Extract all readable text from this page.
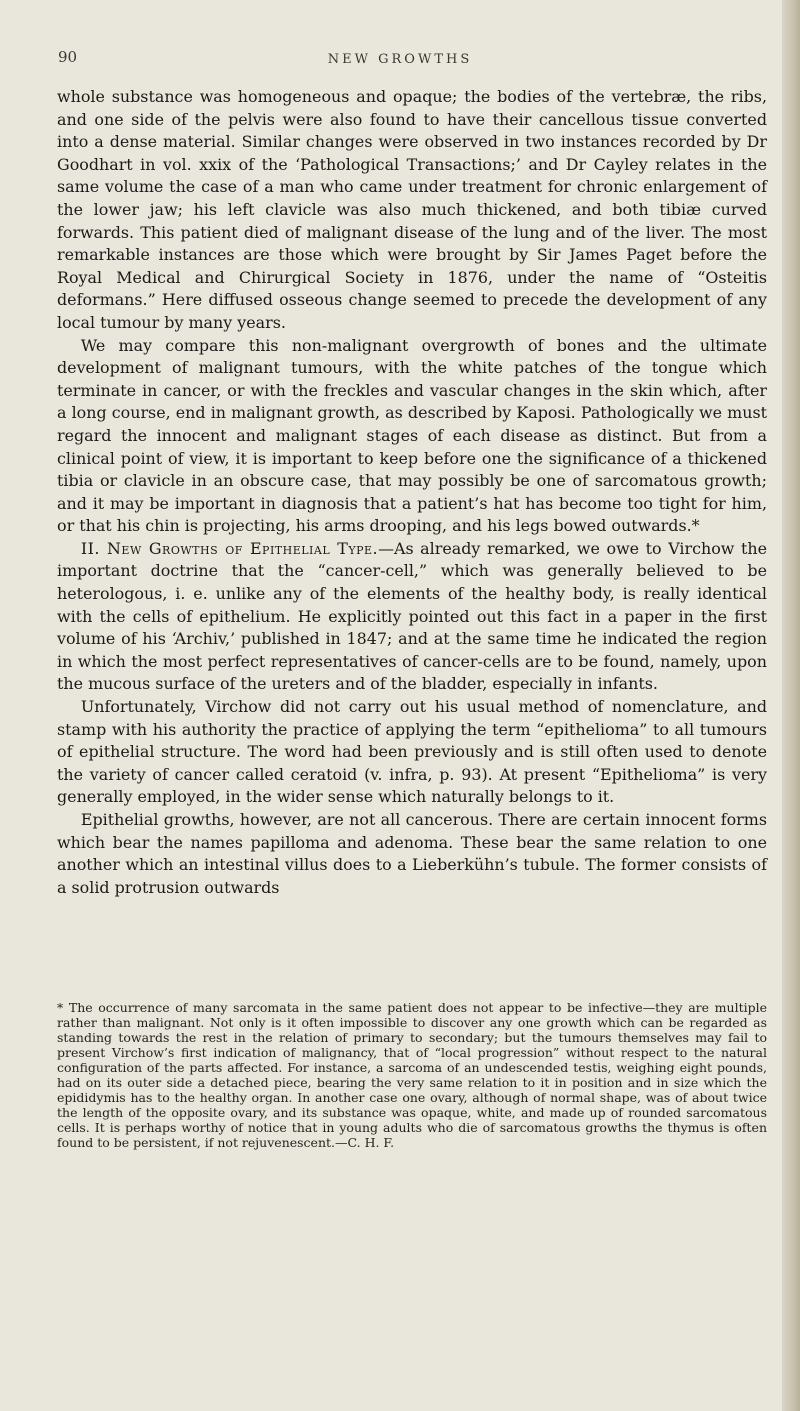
90	NEW GROWTHS

whole substance was homogeneous and opaque; the bodies of the vertebræ, the ribs, and one side of the pelvis were also found to have their cancellous tissue converted into a dense material. Similar changes were observed in two instances recorded by Dr Goodhart in vol. xxix of the ‘Pathological Transactions;’ and Dr Cayley relates in the same volume the case of a man who came under treatment for chronic enlargement of the lower jaw; his left clavicle was also much thickened, and both tibiæ curved forwards. This patient died of malignant disease of the lung and of the liver. The most remarkable instances are those which were brought by Sir James Paget before the Royal Medical and Chirurgical Society in 1876, under the name of “Osteitis deformans.” Here diffused osseous change seemed to precede the development of any local tumour by many years.

We may compare this non-malignant overgrowth of bones and the ultimate development of malignant tumours, with the white patches of the tongue which terminate in cancer, or with the freckles and vascular changes in the skin which, after a long course, end in malignant growth, as described by Kaposi. Pathologically we must regard the innocent and malignant stages of each disease as distinct. But from a clinical point of view, it is important to keep before one the significance of a thickened tibia or clavicle in an obscure case, that may possibly be one of sarcomatous growth; and it may be important in diagnosis that a patient’s hat has become too tight for him, or that his chin is projecting, his arms drooping, and his legs bowed outwards.*

II. New Growths of Epithelial Type.—As already remarked, we owe to Virchow the important doctrine that the “cancer-cell,” which was generally believed to be heterologous, i. e. unlike any of the elements of the healthy body, is really identical with the cells of epithelium. He explicitly pointed out this fact in a paper in the first volume of his ‘Archiv,’ published in 1847; and at the same time he indicated the region in which the most perfect representatives of cancer-cells are to be found, namely, upon the mucous surface of the ureters and of the bladder, especially in infants.

Unfortunately, Virchow did not carry out his usual method of nomenclature, and stamp with his authority the practice of applying the term “epithelioma” to all tumours of epithelial structure. The word had been previously and is still often used to denote the variety of cancer called ceratoid (v. infra, p. 93). At present “Epithelioma” is very generally employed, in the wider sense which naturally belongs to it.

Epithelial growths, however, are not all cancerous. There are certain innocent forms which bear the names papilloma and adenoma. These bear the same relation to one another which an intestinal villus does to a Lieberkühn’s tubule. The former consists of a solid protrusion outwards

* The occurrence of many sarcomata in the same patient does not appear to be infective—they are multiple rather than malignant. Not only is it often impossible to discover any one growth which can be regarded as standing towards the rest in the relation of primary to secondary; but the tumours themselves may fail to present Virchow’s first indication of malignancy, that of “local progression” without respect to the natural configuration of the parts affected. For instance, a sarcoma of an undescended testis, weighing eight pounds, had on its outer side a detached piece, bearing the very same relation to it in position and in size which the epididymis has to the healthy organ. In another case one ovary, although of normal shape, was of about twice the length of the opposite ovary, and its substance was opaque, white, and made up of rounded sarcomatous cells. It is perhaps worthy of notice that in young adults who die of sarcomatous growths the thymus is often found to be persistent, if not rejuvenescent.—C. H. F.
